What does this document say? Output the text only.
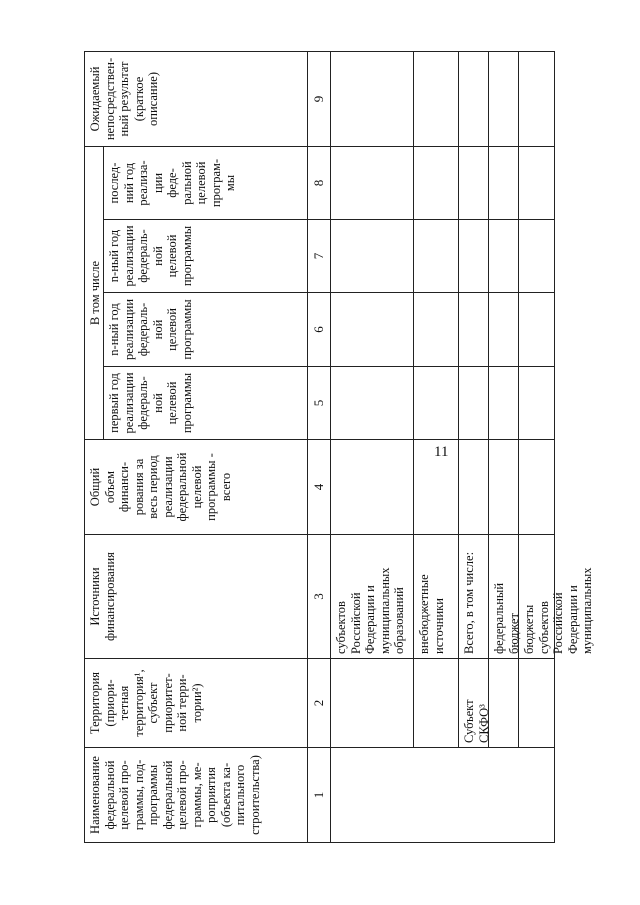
11
Наименование
федеральной
целевой про-
граммы, под-
программы
федеральной
целевой про-
граммы, ме-
роприятия
(объекта ка-
питального
строительства)
Территория
(приори-
тетная
территория¹,
субъект
приоритет-
ной терри-
тории²)
Источники
финансирования
Общий
объем
финанси-
рования за
весь период
реализации
федеральной
целевой
программы -
всего
В том числе
первый год
реализации
федераль-
ной
целевой
программы
n-ный год
реализации
федераль-
ной
целевой
программы
n-ный год
реализации
федераль-
ной
целевой
программы
послед-
ний год
реализа-
ции
феде-
ральной
целевой
програм-
мы
Ожидаемый
непосредствен-
ный результат
(краткое
описание)
1
2
3
4
5
6
7
8
9
субъектов
Российской
Федерации и
муниципальных
образований внебюджетные
источники
Субъект
СКФО³
Всего, в том числе:	федеральный
бюджет бюджеты
субъектов
Российской
Федерации и
муниципальных
